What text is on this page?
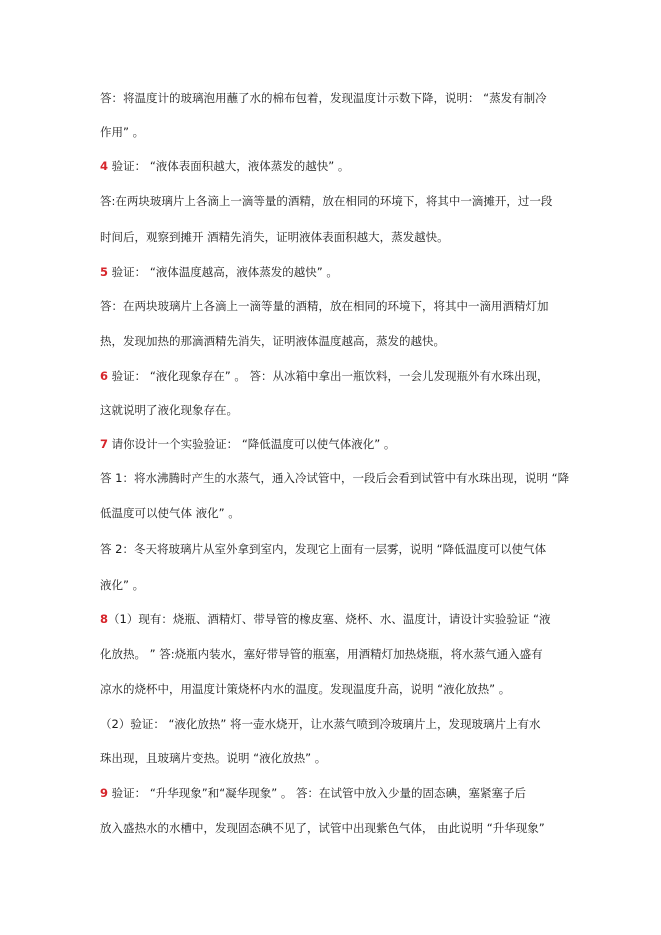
答：将温度计的玻璃泡用蘸了水的棉布包着，发现温度计示数下降，说明： “蒸发有制冷
作用” 。
4 验证： “液体表面积越大，液体蒸发的越快” 。
答:在两块玻璃片上各滴上一滴等量的酒精，放在相同的环境下，将其中一滴摊开，过一段
时间后，观察到摊开 酒精先消失，证明液体表面积越大，蒸发越快。
5 验证： “液体温度越高，液体蒸发的越快” 。
答：在两块玻璃片上各滴上一滴等量的酒精，放在相同的环境下，将其中一滴用酒精灯加
热，发现加热的那滴酒精先消失，证明液体温度越高，蒸发的越快。
6 验证： “液化现象存在” 。 答：从冰箱中拿出一瓶饮料，一会儿发现瓶外有水珠出现，
这就说明了液化现象存在。
7 请你设计一个实验验证： “降低温度可以使气体液化” 。
答 1：将水沸腾时产生的水蒸气，通入冷试管中，一段后会看到试管中有水珠出现，说明 “降
低温度可以使气体 液化” 。
答 2：冬天将玻璃片从室外拿到室内，发现它上面有一层雾，说明 “降低温度可以使气体
液化” 。
8（1）现有：烧瓶、酒精灯、带导管的橡皮塞、烧杯、水、温度计，请设计实验验证 “液
化放热。 ” 答:烧瓶内装水，塞好带导管的瓶塞，用酒精灯加热烧瓶，将水蒸气通入盛有
凉水的烧杯中，用温度计策烧杯内水的温度。发现温度升高，说明 “液化放热” 。
（2）验证： “液化放热” 将一壶水烧开，让水蒸气喷到冷玻璃片上，发现玻璃片上有水
珠出现，且玻璃片变热。说明 “液化放热” 。
9 验证： “升华现象”和“凝华现象” 。 答：在试管中放入少量的固态碘，塞紧塞子后
放入盛热水的水槽中，发现固态碘不见了，试管中出现紫色气体， 由此说明 “升华现象”
